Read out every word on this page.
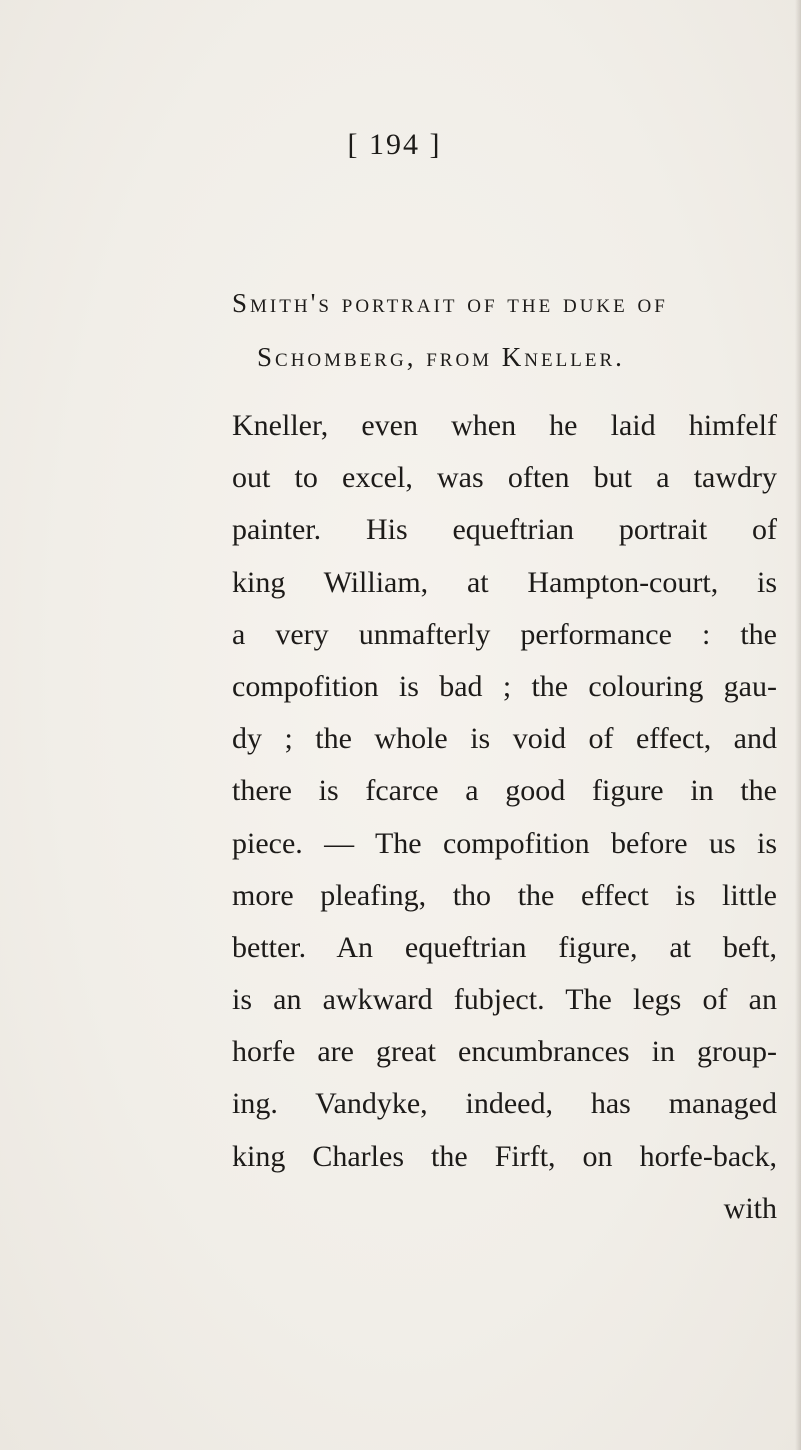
[ 194 ]
Smith's portrait of the duke of
Schomberg, from Kneller.
Kneller, even when he laid himfelf
out to excel, was often but a tawdry
painter. His equeftrian portrait of
king William, at Hampton-court, is
a very unmafterly performance : the
compofition is bad ; the colouring gau-
dy ; the whole is void of effect, and
there is fcarce a good figure in the
piece. — The compofition before us is
more pleafing, tho the effect is little
better. An equeftrian figure, at beft,
is an awkward fubject. The legs of an
horfe are great encumbrances in group-
ing. Vandyke, indeed, has managed
king Charles the Firft, on horfe-back,
with
